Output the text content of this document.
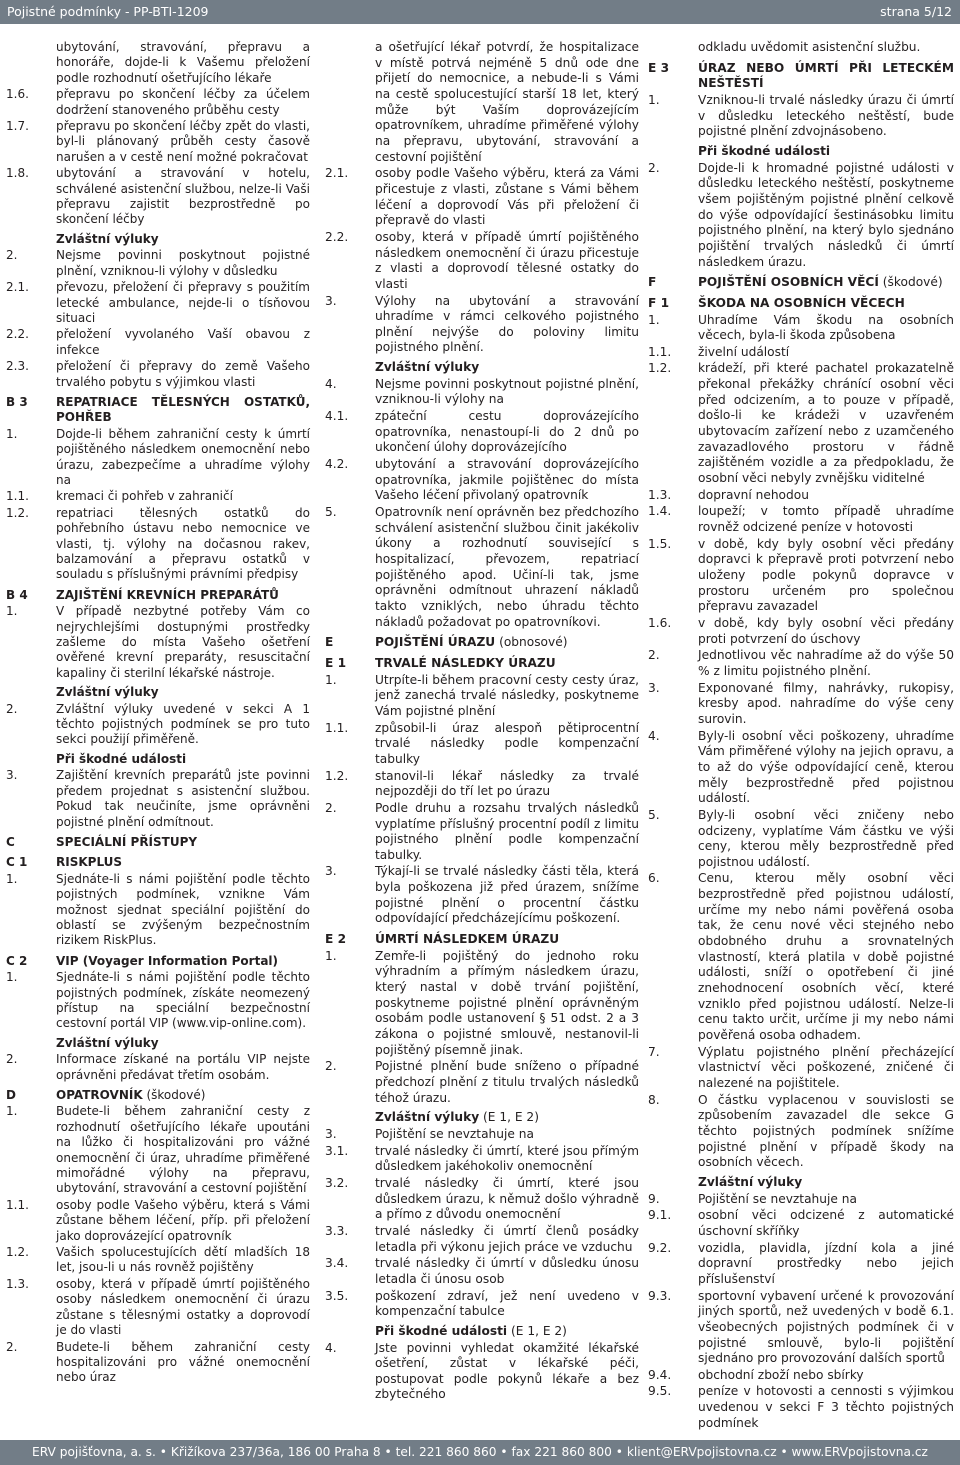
Pojistné podmínky - PP-BTI-1209	strana 5/12
ubytování, stravování, přepravu a honoráře, dojde-li k Vašemu přeložení podle rozhodnutí ošetřujícího lékaře
1.6. přepravu po skončení léčby za účelem dodržení stanoveného průběhu cesty
1.7. přepravu po skončení léčby zpět do vlasti, byl-li plánovaný průběh cesty časově narušen a v cestě není možné pokračovat
1.8. ubytování a stravování v hotelu, schválené asistenční službou, nelze-li Vaši přepravu zajistit bezprostředně po skončení léčby
Zvláštní výluky
2.	Nejsme povinni poskytnout pojistné plnění, vzniknou-li výlohy v důsledku
2.1. převozu, přeložení či přepravy s použitím letecké ambulance, nejde-li o tísňovou situaci
2.2. přeložení vyvolaného Vaší obavou z infekce
2.3. přeložení či přepravy do země Vašeho trvalého pobytu s výjimkou vlasti
B 3 REPATRIACE TĚLESNÝCH OSTATKŮ, POHŘEB
1.	Dojde-li během zahraniční cesty k úmrtí pojištěného následkem onemocnění nebo úrazu, zabezpečíme a uhradíme výlohy na
1.1. kremaci či pohřeb v zahraničí
1.2. repatriaci tělesných ostatků do pohřebního ústavu nebo nemocnice ve vlasti, tj. výlohy na dočasnou rakev, balzamování a přepravu ostatků v souladu s příslušnými právními předpisy
B 4 ZAJIŠTĚNÍ KREVNÍCH PREPARÁTŮ
1.	V případě nezbytné potřeby Vám co nejrychlejšími dostupnými prostředky zašleme do místa Vašeho ošetření ověřené krevní preparáty, resuscitační kapaliny či sterilní lékařské nástroje.
Zvláštní výluky
2.	Zvláštní výluky uvedené v sekci A 1 těchto pojistných podmínek se pro tuto sekci použijí přiměřeně.
Při škodné události
3.	Zajištění krevních preparátů jste povinni předem projednat s asistenční službou. Pokud tak neučiníte, jsme oprávněni pojistné plnění odmítnout.
C	SPECIÁLNÍ PŘÍSTUPY
C 1 RISKPLUS
1.	Sjednáte-li s námi pojištění podle těchto pojistných podmínek, vznikne Vám možnost sjednat speciální pojištění do oblastí se zvýšeným bezpečnostním rizikem RiskPlus.
C 2 VIP (Voyager Information Portal)
1.	Sjednáte-li s námi pojištění podle těchto pojistných podmínek, získáte neomezený přístup na speciální bezpečnostní cestovní portál VIP (www.vip-online.com).
Zvláštní výluky
2.	Informace získané na portálu VIP nejste oprávněni předávat třetím osobám.
D	OPATROVNÍK (škodové)
1.	Budete-li během zahraniční cesty z rozhodnutí ošetřujícího lékaře upoutáni na lůžko či hospitalizováni pro vážné onemocnění či úraz, uhradíme přiměřené mimořádné výlohy na přepravu, ubytování, stravování a cestovní pojištění
1.1. osoby podle Vašeho výběru, která s Vámi zůstane během léčení, příp. při přeložení jako doprovázející opatrovník
1.2. Vašich spolucestujících dětí mladších 18 let, jsou-li u nás rovněž pojištěny
1.3. osoby, která v případě úmrtí pojištěného osoby následkem onemocnění či úrazu zůstane s tělesnými ostatky a doprovodí je do vlasti
2.	Budete-li během zahraniční cesty hospitalizováni pro vážné onemocnění nebo úraz
a ošetřující lékař potvrdí, že hospitalizace v místě potrvá nejméně 5 dnů ode dne přijetí do nemocnice, a nebude-li s Vámi na cestě spolucestující starší 18 let, který může být Vaším doprovázejícím opatrovníkem, uhradíme přiměřené výlohy na přepravu, ubytování, stravování a cestovní pojištění
2.1. osoby podle Vašeho výběru, která za Vámi přicestuje z vlasti, zůstane s Vámi během léčení a doprovodí Vás při přeložení či přepravě do vlasti
2.2. osoby, která v případě úmrtí pojištěného následkem onemocnění či úrazu přicestuje z vlasti a doprovodí tělesné ostatky do vlasti
3.	Výlohy na ubytování a stravování uhradíme v rámci celkového pojistného plnění nejvýše do poloviny limitu pojistného plnění.
Zvláštní výluky
4.	Nejsme povinni poskytnout pojistné plnění, vzniknou-li výlohy na
4.1. zpáteční cestu doprovázejícího opatrovníka, nenastoupí-li do 2 dnů po ukončení úlohy doprovázejícího
4.2. ubytování a stravování doprovázejícího opatrovníka, jakmile pojištěnec do místa Vašeho léčení přivolaný opatrovník
5.	Opatrovník není oprávněn bez předchozího schválení asistenční službou činit jakékoliv úkony a rozhodnutí související s hospitalizací, převozem, repatriací pojištěného apod. Učiní-li tak, jsme oprávněni odmítnout uhrazení nákladů takto vzniklých, nebo úhradu těchto nákladů požadovat po opatrovníkovi.
E	POJIŠTĚNÍ ÚRAZU (obnosové)
E 1 TRVALÉ NÁSLEDKY ÚRAZU
1.	Utrpíte-li během pracovní cesty cesty úraz, jenž zanechá trvalé následky, poskytneme Vám pojistné plnění
1.1. způsobil-li úraz alespoň pětiprocentní trvalé následky podle kompenzační tabulky
1.2. stanovil-li lékař následky za trvalé nejpozději do tří let po úrazu
2.	Podle druhu a rozsahu trvalých následků vyplatíme příslušný procentní podíl z limitu pojistného plnění podle kompenzační tabulky.
3.	Týkají-li se trvalé následky části těla, která byla poškozena již před úrazem, snížíme pojistné plnění o procentní částku odpovídající předcházejícímu poškození.
E 2 ÚMRTÍ NÁSLEDKEM ÚRAZU
1.	Zemře-li pojištěný do jednoho roku výhradním a přímým následkem úrazu, který nastal v době trvání pojištění, poskytneme pojistné plnění oprávněným osobám podle ustanovení § 51 odst. 2 a 3 zákona o pojistné smlouvě, nestanovil-li pojištěný písemně jinak.
2.	Pojistné plnění bude sníženo o případné předchozí plnění z titulu trvalých následků téhož úrazu.
Zvláštní výluky (E 1, E 2)
3.	Pojištění se nevztahuje na
3.1. trvalé následky či úmrtí, které jsou přímým důsledkem jakéhokoliv onemocnění
3.2. trvalé následky či úmrtí, které jsou důsledkem úrazu, k němuž došlo výhradně a přímo z důvodu onemocnění
3.3. trvalé následky či úmrtí členů posádky letadla při výkonu jejich práce ve vzduchu
3.4. trvalé následky či úmrtí v důsledku únosu letadla či únosu osob
3.5. poškození zdraví, jež není uvedeno v kompenzační tabulce
Při škodné události (E 1, E 2)
4.	Jste povinni vyhledat okamžité lékařské ošetření, zůstat v lékařské péči, postupovat podle pokynů lékaře a bez zbytečného
odkladu uvědomit asistenční službu.
E 3 ÚRAZ NEBO ÚMRTÍ PŘI LETECKÉM NEŠTĚSTÍ
1.	Vzniknou-li trvalé následky úrazu či úmrtí v důsledku leteckého neštěstí, bude pojistné plnění zdvojnásobeno.
Při škodné události
2.	Dojde-li k hromadné pojistné události v důsledku leteckého neštěstí, poskytneme všem pojištěným pojistné plnění celkově do výše odpovídající šestinásobku limitu pojistného plnění, na který bylo sjednáno pojištění trvalých následků či úmrtí následkem úrazu.
F	POJIŠTĚNÍ OSOBNÍCH VĚCÍ (škodové)
F 1 ŠKODA NA OSOBNÍCH VĚCECH
1.	Uhradíme Vám škodu na osobních věcech, byla-li škoda způsobena
1.1. živelní událostí
1.2. krádeží, při které pachatel prokazatelně překonal překážky chránící osobní věci před odcizením, a to pouze v případě, došlo-li ke krádeži v uzavřeném ubytovacím zařízení nebo z uzamčeného zavazadlového prostoru v řádně zajištěném vozidle a za předpokladu, že osobní věci nebyly zvnějšku viditelné
1.3. dopravní nehodou
1.4. loupeží; v tomto případě uhradíme rovněž odcizené peníze v hotovosti
1.5. v době, kdy byly osobní věci předány dopravci k přepravě proti potvrzení nebo uloženy podle pokynů dopravce v prostoru určeném pro společnou přepravu zavazadel
1.6. v době, kdy byly osobní věci předány proti potvrzení do úschovy
2.	Jednotlivou věc nahradíme až do výše 50 % z limitu pojistného plnění.
3.	Exponované filmy, nahrávky, rukopisy, kresby apod. nahradíme do výše ceny surovin.
4.	Byly-li osobní věci poškozeny, uhradíme Vám přiměřené výlohy na jejich opravu, a to až do výše odpovídající ceně, kterou měly bezprostředně před pojistnou událostí.
5.	Byly-li osobní věci zničeny nebo odcizeny, vyplatíme Vám částku ve výši ceny, kterou měly bezprostředně před pojistnou událostí.
6.	Cenu, kterou měly osobní věci bezprostředně před pojistnou událostí, určíme my nebo námi pověřená osoba tak, že cenu nové věci stejného nebo obdobného druhu a srovnatelných vlastností, která platila v době pojistné události, sníží o opotřebení či jiné znehodnocení osobních věcí, které vzniklo před pojistnou událostí. Nelze-li cenu takto určit, určíme ji my nebo námi pověřená osoba odhadem.
7.	Výplatu pojistného plnění přecházející vlastnictví věci poškozené, zničené či nalezené na pojištitele.
8.	O částku vyplacenou v souvislosti se způsobením zavazadel dle sekce G těchto pojistných podmínek snížíme pojistné plnění v případě škody na osobních věcech.
Zvláštní výluky
9.	Pojištění se nevztahuje na
9.1. osobní věci odcizené z automatické úschovní skříňky
9.2. vozidla, plavidla, jízdní kola a jiné dopravní prostředky nebo jejich příslušenství
9.3. sportovní vybavení určené k provozování jiných sportů, než uvedených v bodě 6.1. všeobecných pojistných podmínek či v pojistné smlouvě, bylo-li pojištění sjednáno pro provozování dalších sportů
9.4. obchodní zboží nebo sbírky
9.5. peníze v hotovosti a cennosti s výjimkou uvedenou v sekci F 3 těchto pojistných podmínek
ERV pojišťovna, a. s. • Křižíkova 237/36a, 186 00 Praha 8 • tel. 221 860 860 • fax 221 860 800 • klient@ERVpojistovna.cz • www.ERVpojistovna.cz
